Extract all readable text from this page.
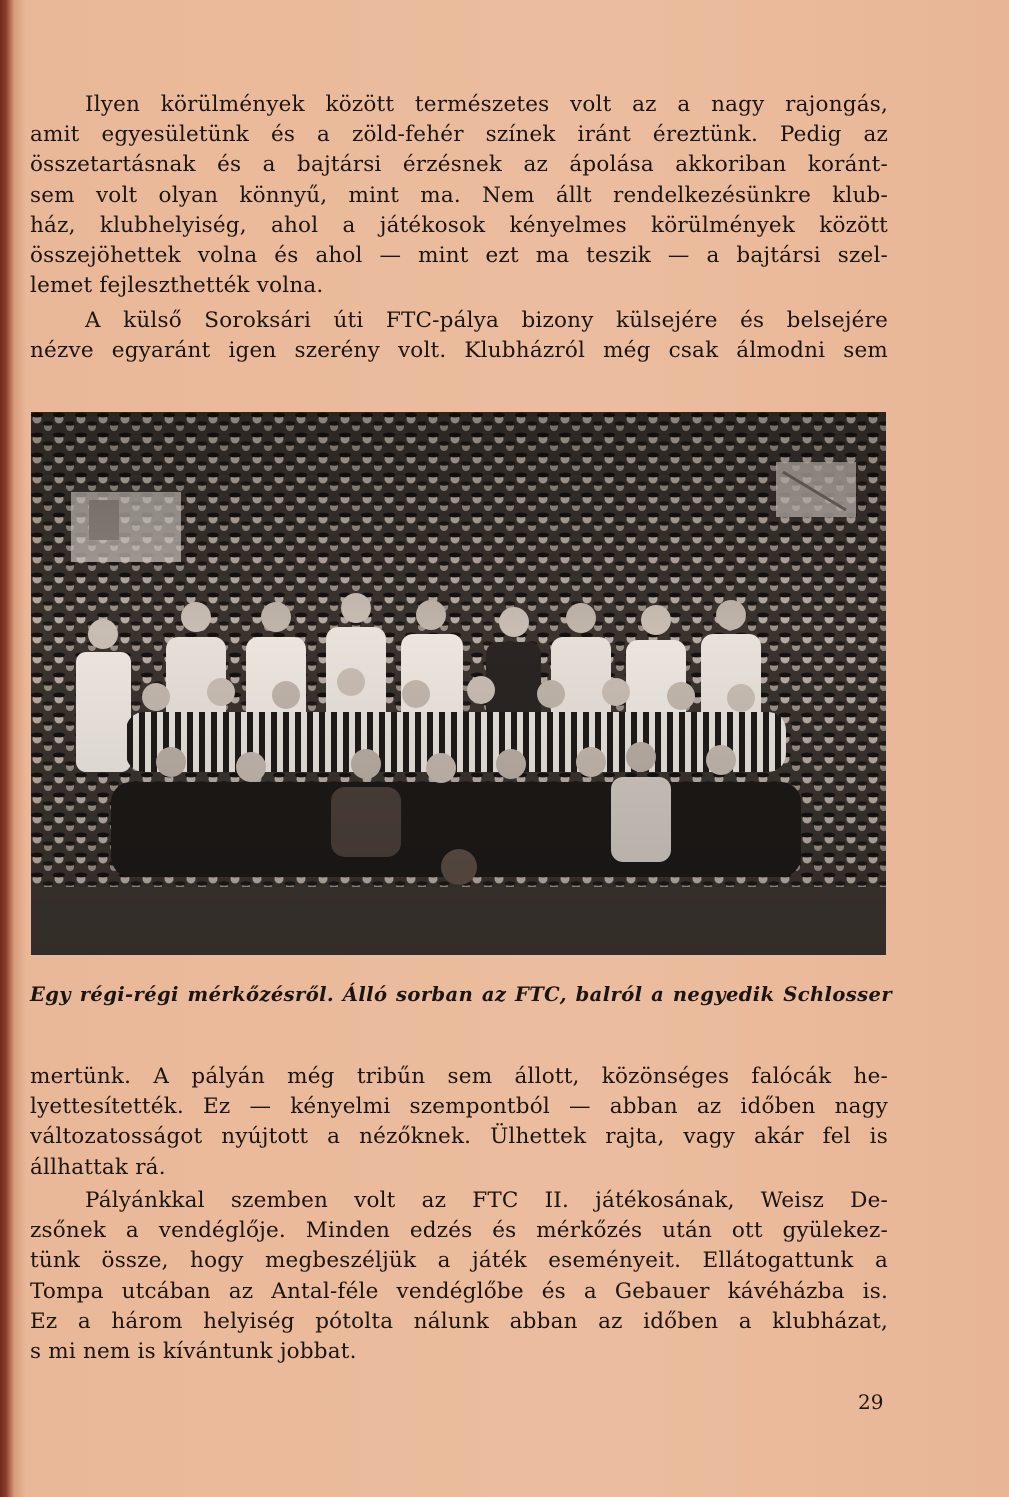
Ilyen körülmények között természetes volt az a nagy rajongás,
amit egyesületünk és a zöld-fehér színek iránt éreztünk. Pedig az
összetartásnak és a bajtársi érzésnek az ápolása akkoriban koránt-
sem volt olyan könnyű, mint ma. Nem állt rendelkezésünkre klub-
ház, klubhelyiség, ahol a játékosok kényelmes körülmények között
összejöhettek volna és ahol — mint ezt ma teszik — a bajtársi szel-
lemet fejleszthették volna.
A külső Soroksári úti FTC-pálya bizony külsejére és belsejére
nézve egyaránt igen szerény volt. Klubházról még csak álmodni sem
Egy régi-régi mérkőzésről. Álló sorban az FTC, balról a negyedik Schlosser
mertünk. A pályán még tribűn sem állott, közönséges falócák he-
lyettesítették. Ez — kényelmi szempontból — abban az időben nagy
változatosságot nyújtott a nézőknek. Ülhettek rajta, vagy akár fel is
állhattak rá.
Pályánkkal szemben volt az FTC II. játékosának, Weisz De-
zsőnek a vendéglője. Minden edzés és mérkőzés után ott gyülekez-
tünk össze, hogy megbeszéljük a játék eseményeit. Ellátogattunk a
Tompa utcában az Antal-féle vendéglőbe és a Gebauer kávéházba is.
Ez a három helyiség pótolta nálunk abban az időben a klubházat,
s mi nem is kívántunk jobbat.
29
